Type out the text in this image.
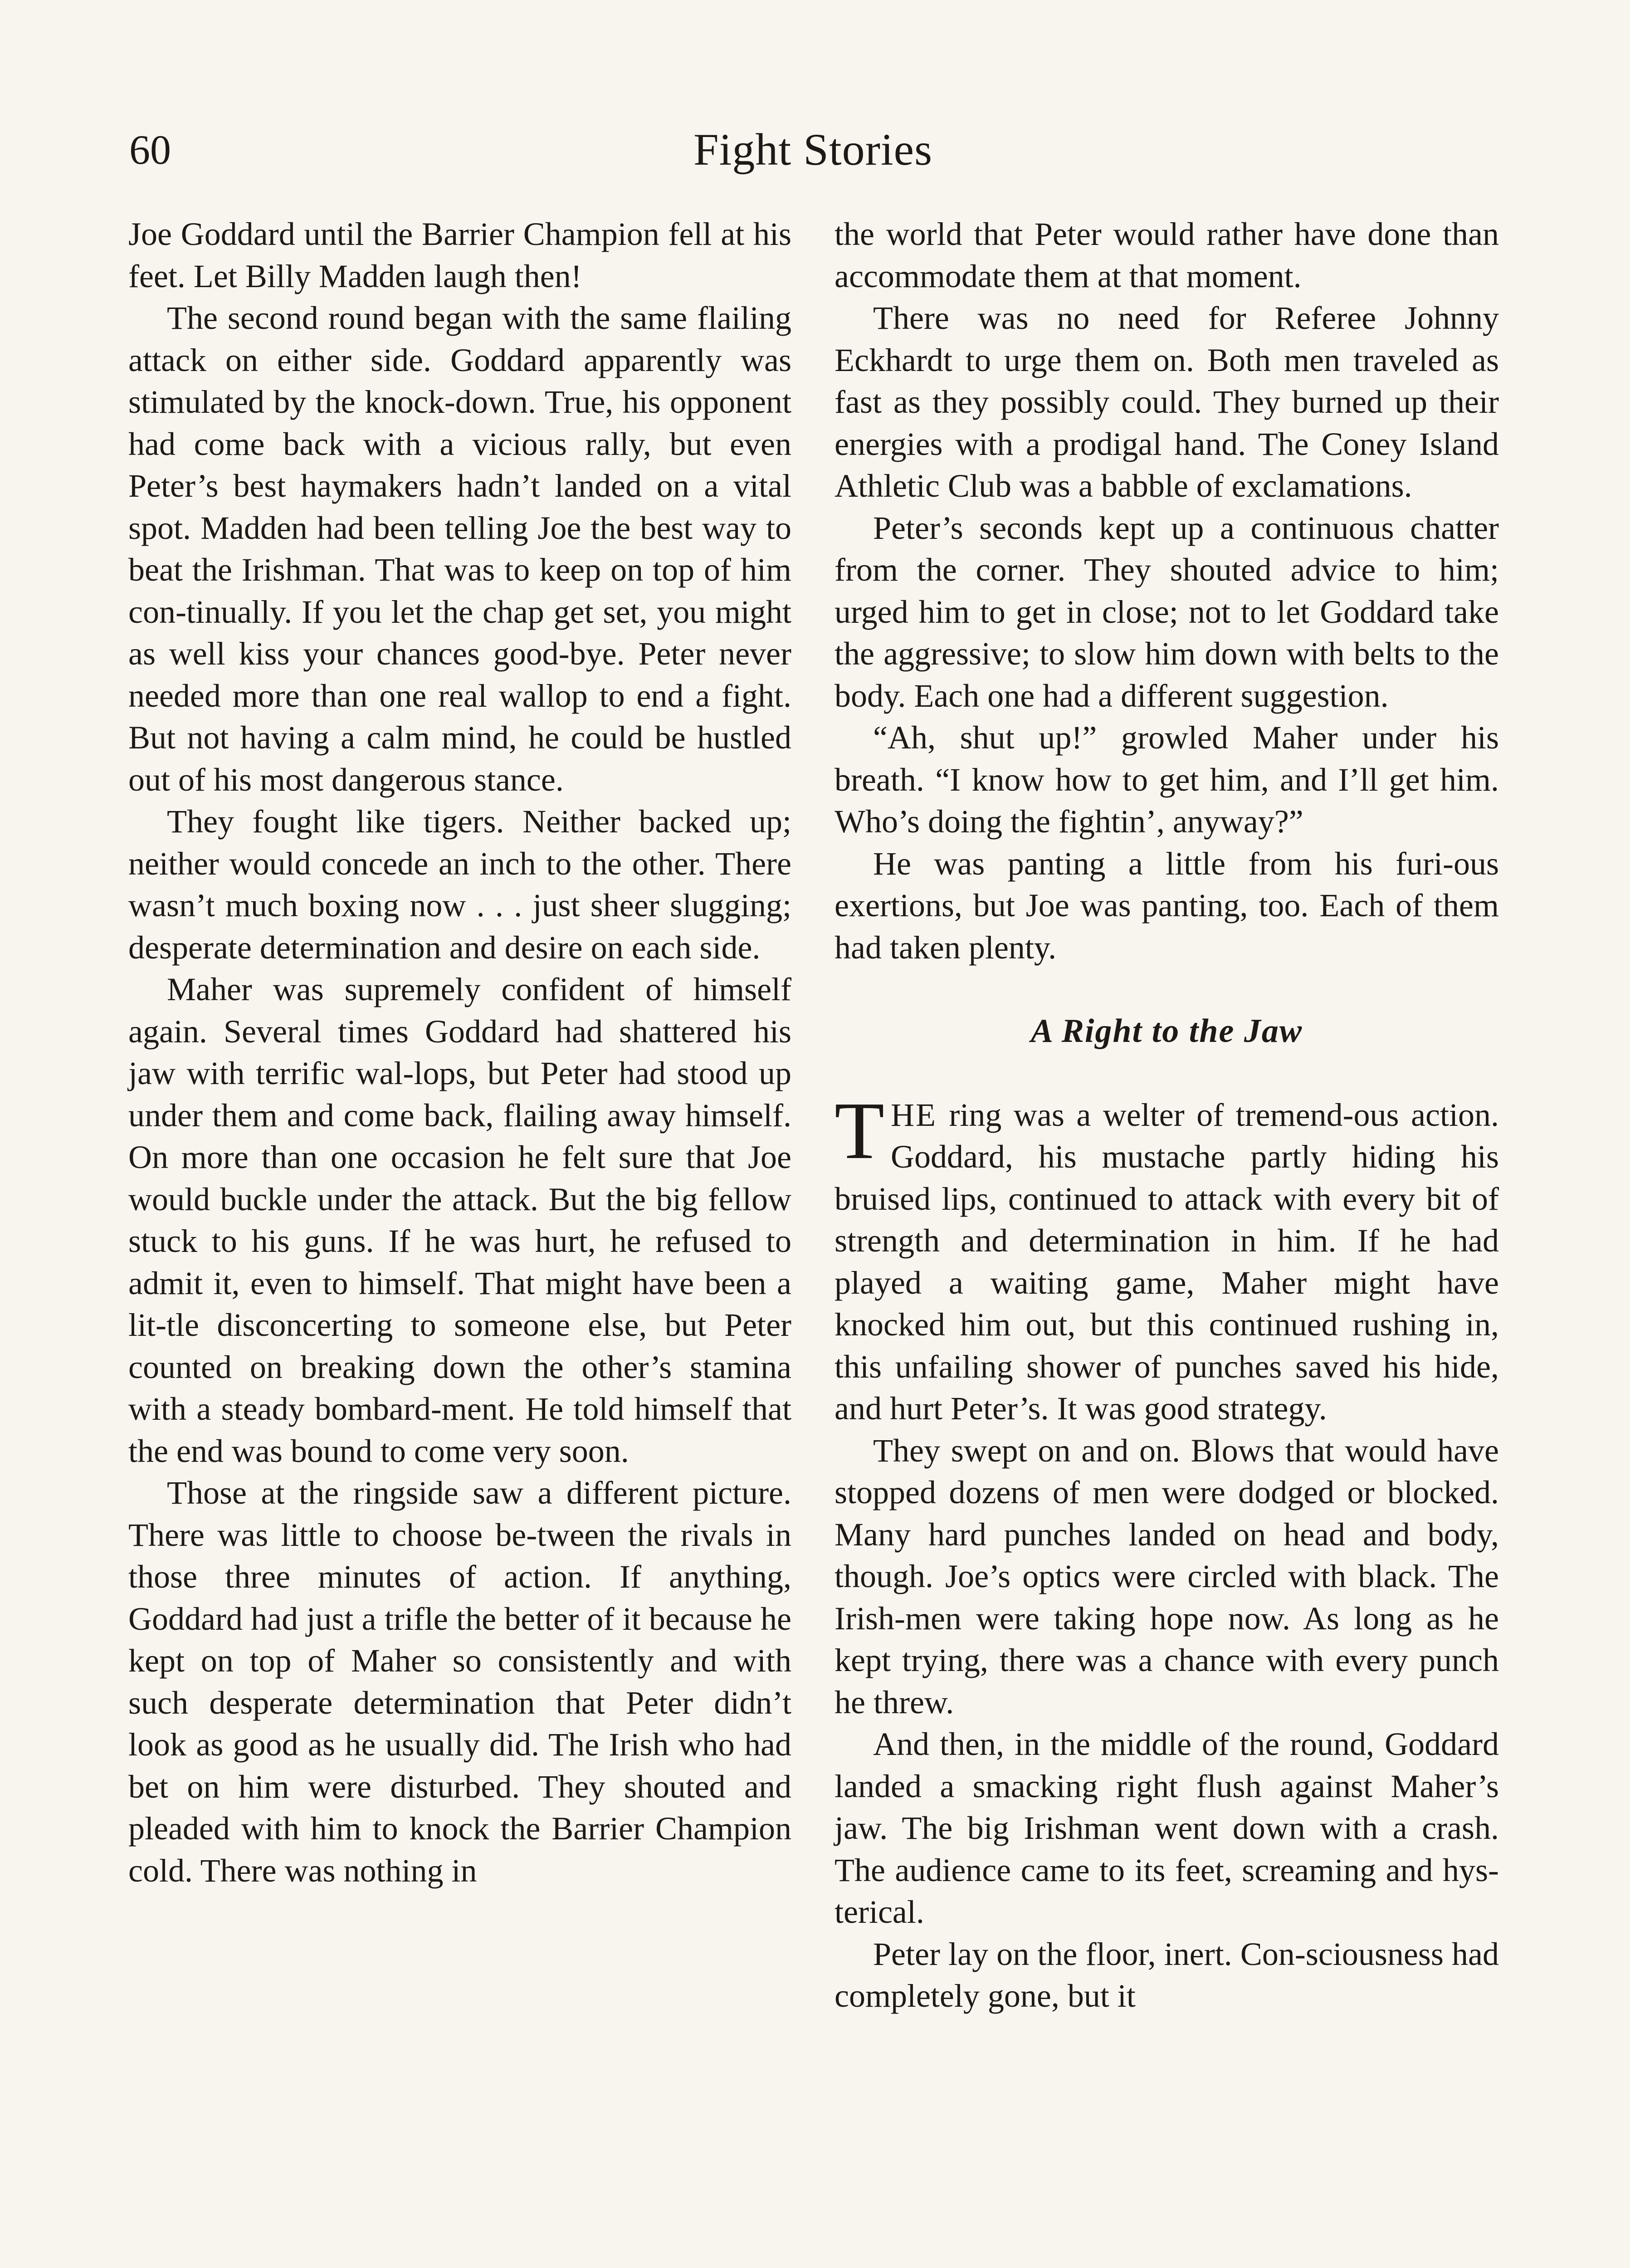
60	Fight Stories

Joe Goddard until the Barrier Champion fell at his feet. Let Billy Madden laugh then!

The second round began with the same flailing attack on either side. Goddard apparently was stimulated by the knock-down. True, his opponent had come back with a vicious rally, but even Peter’s best haymakers hadn’t landed on a vital spot. Madden had been telling Joe the best way to beat the Irishman. That was to keep on top of him con-tinually. If you let the chap get set, you might as well kiss your chances good-bye. Peter never needed more than one real wallop to end a fight. But not having a calm mind, he could be hustled out of his most dangerous stance.

They fought like tigers. Neither backed up; neither would concede an inch to the other. There wasn’t much boxing now . . . just sheer slugging; desperate determination and desire on each side.

Maher was supremely confident of himself again. Several times Goddard had shattered his jaw with terrific wal-lops, but Peter had stood up under them and come back, flailing away himself. On more than one occasion he felt sure that Joe would buckle under the attack. But the big fellow stuck to his guns. If he was hurt, he refused to admit it, even to himself. That might have been a lit-tle disconcerting to someone else, but Peter counted on breaking down the other’s stamina with a steady bombard-ment. He told himself that the end was bound to come very soon.

Those at the ringside saw a different picture. There was little to choose be-tween the rivals in those three minutes of action. If anything, Goddard had just a trifle the better of it because he kept on top of Maher so consistently and with such desperate determination that Peter didn’t look as good as he usually did. The Irish who had bet on him were disturbed. They shouted and pleaded with him to knock the Barrier Champion cold. There was nothing in

the world that Peter would rather have done than accommodate them at that moment.

There was no need for Referee Johnny Eckhardt to urge them on. Both men traveled as fast as they possibly could. They burned up their energies with a prodigal hand. The Coney Island Athletic Club was a babble of exclamations.

Peter’s seconds kept up a continuous chatter from the corner. They shouted advice to him; urged him to get in close; not to let Goddard take the aggressive; to slow him down with belts to the body. Each one had a different suggestion.

“Ah, shut up!” growled Maher under his breath. “I know how to get him, and I’ll get him. Who’s doing the fightin’, anyway?”

He was panting a little from his furi-ous exertions, but Joe was panting, too. Each of them had taken plenty.

A Right to the Jaw

THE ring was a welter of tremend-ous action. Goddard, his mustache partly hiding his bruised lips, continued to attack with every bit of strength and determination in him. If he had played a waiting game, Maher might have knocked him out, but this continued rushing in, this unfailing shower of punches saved his hide, and hurt Peter’s. It was good strategy.

They swept on and on. Blows that would have stopped dozens of men were dodged or blocked. Many hard punches landed on head and body, though. Joe’s optics were circled with black. The Irish-men were taking hope now. As long as he kept trying, there was a chance with every punch he threw.

And then, in the middle of the round, Goddard landed a smacking right flush against Maher’s jaw. The big Irishman went down with a crash. The audience came to its feet, screaming and hys-terical.

Peter lay on the floor, inert. Con-sciousness had completely gone, but it
